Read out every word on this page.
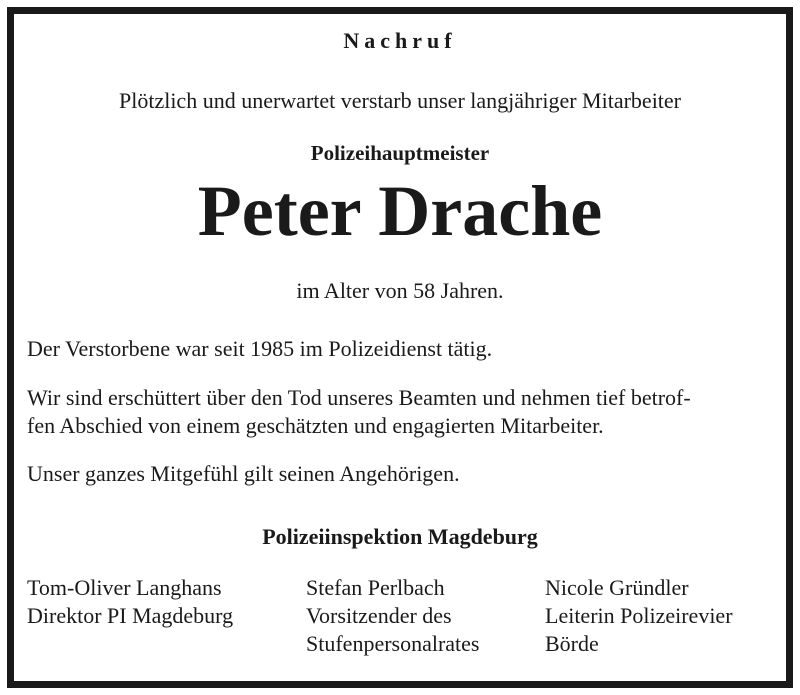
Nachruf
Plötzlich und unerwartet verstarb unser langjähriger Mitarbeiter
Polizeihauptmeister
Peter Drache
im Alter von 58 Jahren.
Der Verstorbene war seit 1985 im Polizeidienst tätig.
Wir sind erschüttert über den Tod unseres Beamten und nehmen tief betrof-
fen Abschied von einem geschätzten und engagierten Mitarbeiter.
Unser ganzes Mitgefühl gilt seinen Angehörigen.
Polizeiinspektion Magdeburg
Tom-Oliver Langhans
Direktor PI Magdeburg
Stefan Perlbach
Vorsitzender des
Stufenpersonalrates
Nicole Gründler
Leiterin Polizeirevier
Börde
